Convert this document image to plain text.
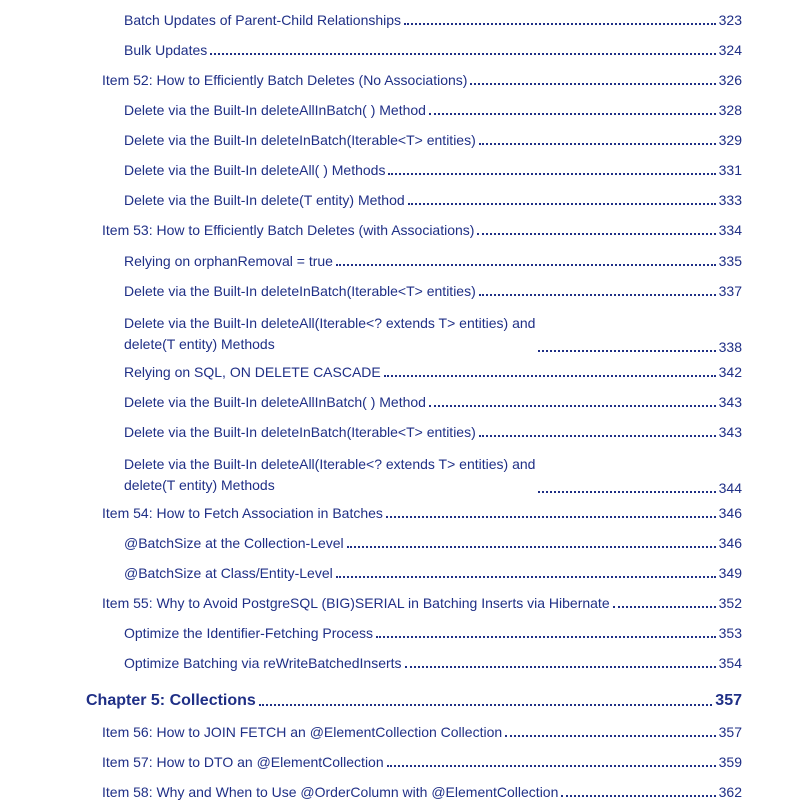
Batch Updates of Parent-Child Relationships	323
Bulk Updates	324
Item 52: How to Efficiently Batch Deletes (No Associations)	326
Delete via the Built-In deleteAllInBatch( ) Method	328
Delete via the Built-In deleteInBatch(Iterable<T> entities)	329
Delete via the Built-In deleteAll( ) Methods	331
Delete via the Built-In delete(T entity) Method	333
Item 53: How to Efficiently Batch Deletes (with Associations)	334
Relying on orphanRemoval = true	335
Delete via the Built-In deleteInBatch(Iterable<T> entities)	337
Delete via the Built-In deleteAll(Iterable<? extends T> entities) and
delete(T entity) Methods	338
Relying on SQL, ON DELETE CASCADE	342
Delete via the Built-In deleteAllInBatch( ) Method	343
Delete via the Built-In deleteInBatch(Iterable<T> entities)	343
Delete via the Built-In deleteAll(Iterable<? extends T> entities) and
delete(T entity) Methods	344
Item 54: How to Fetch Association in Batches	346
@BatchSize at the Collection-Level	346
@BatchSize at Class/Entity-Level	349
Item 55: Why to Avoid PostgreSQL (BIG)SERIAL in Batching Inserts via Hibernate	352
Optimize the Identifier-Fetching Process	353
Optimize Batching via reWriteBatchedInserts	354
Chapter 5: Collections	357
Item 56: How to JOIN FETCH an @ElementCollection Collection	357
Item 57: How to DTO an @ElementCollection	359
Item 58: Why and When to Use @OrderColumn with @ElementCollection	362
